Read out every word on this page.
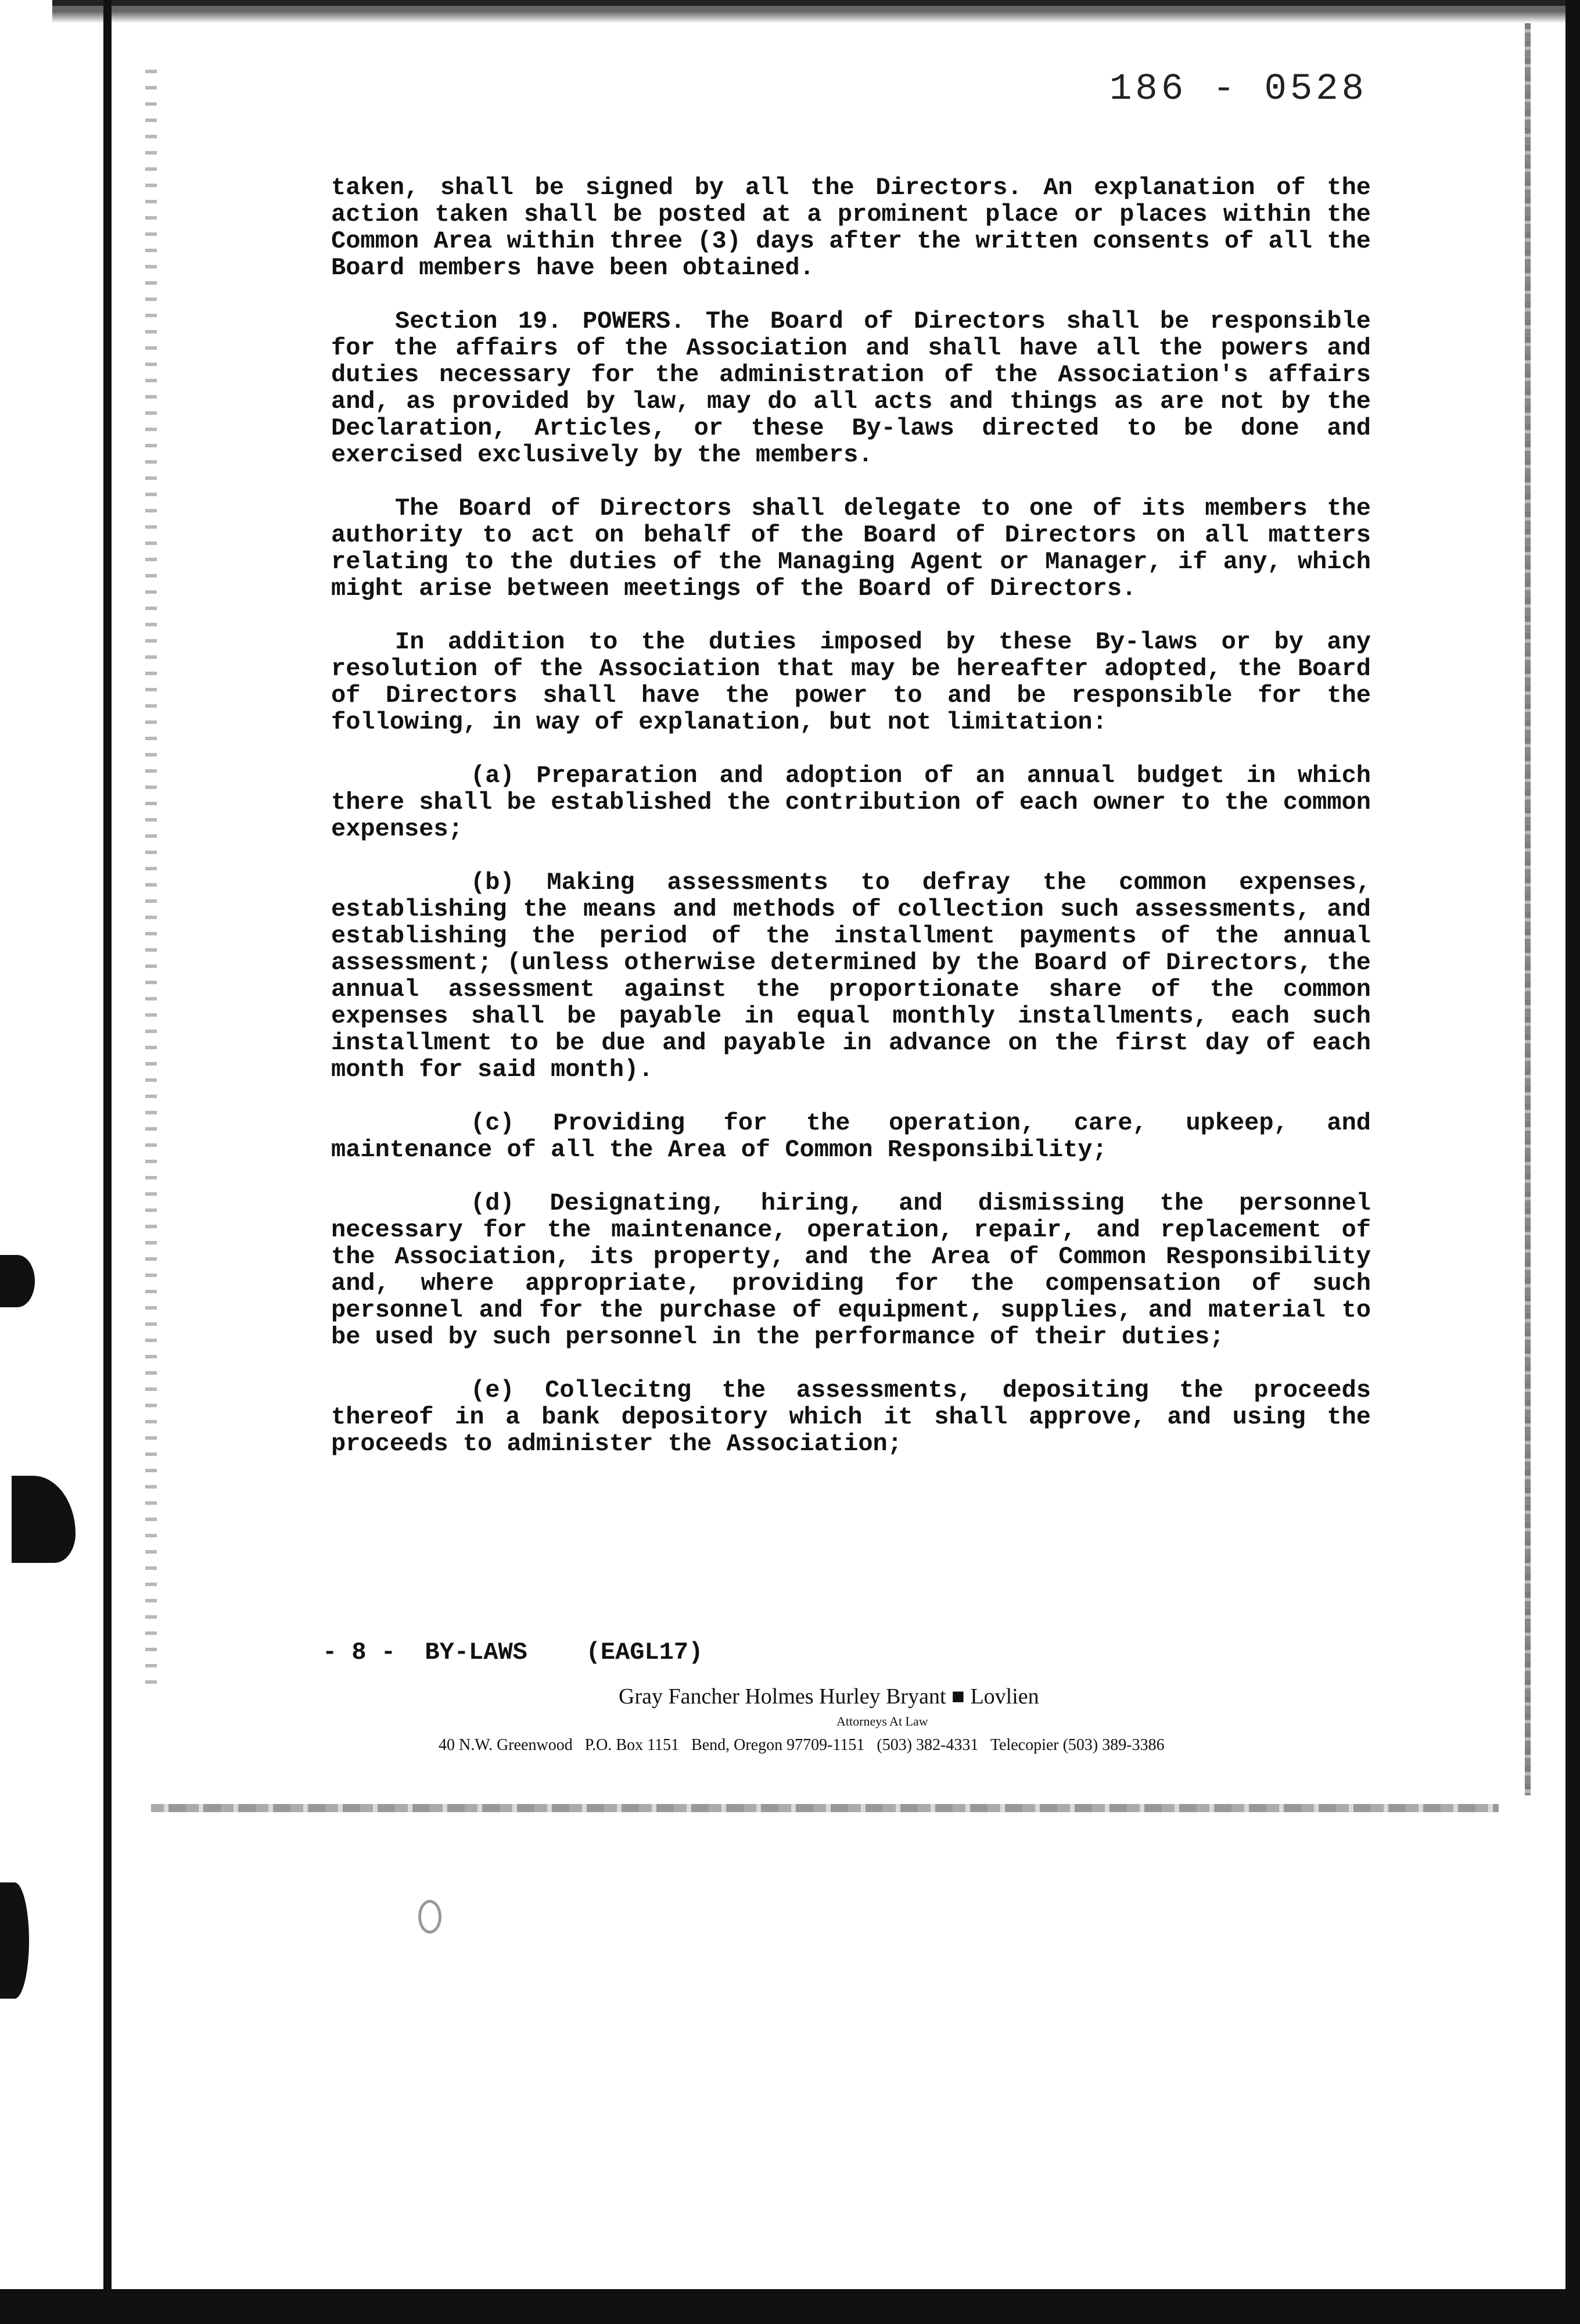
186 - 0528

taken, shall be signed by all the Directors. An explanation of the action taken shall be posted at a prominent place or places within the Common Area within three (3) days after the written consents of all the Board members have been obtained.

Section 19. POWERS. The Board of Directors shall be responsible for the affairs of the Association and shall have all the powers and duties necessary for the administration of the Association's affairs and, as provided by law, may do all acts and things as are not by the Declaration, Articles, or these By-laws directed to be done and exercised exclusively by the members.

The Board of Directors shall delegate to one of its members the authority to act on behalf of the Board of Directors on all matters relating to the duties of the Managing Agent or Manager, if any, which might arise between meetings of the Board of Directors.

In addition to the duties imposed by these By-laws or by any resolution of the Association that may be hereafter adopted, the Board of Directors shall have the power to and be responsible for the following, in way of explanation, but not limitation:

(a) Preparation and adoption of an annual budget in which there shall be established the contribution of each owner to the common expenses;

(b) Making assessments to defray the common expenses, establishing the means and methods of collection such assessments, and establishing the period of the installment payments of the annual assessment; (unless otherwise determined by the Board of Directors, the annual assessment against the proportionate share of the common expenses shall be payable in equal monthly installments, each such installment to be due and payable in advance on the first day of each month for said month).

(c) Providing for the operation, care, upkeep, and maintenance of all the Area of Common Responsibility;

(d) Designating, hiring, and dismissing the personnel necessary for the maintenance, operation, repair, and replacement of the Association, its property, and the Area of Common Responsibility and, where appropriate, providing for the compensation of such personnel and for the purchase of equipment, supplies, and material to be used by such personnel in the performance of their duties;

(e) Collecitng the assessments, depositing the proceeds thereof in a bank depository which it shall approve, and using the proceeds to administer the Association;

- 8 -  BY-LAWS    (EAGL17)
Gray Fancher Holmes Hurley Bryant ■ Lovlien
Attorneys At Law
40 N.W. Greenwood   P.O. Box 1151   Bend, Oregon 97709-1151   (503) 382-4331   Telecopier (503) 389-3386
